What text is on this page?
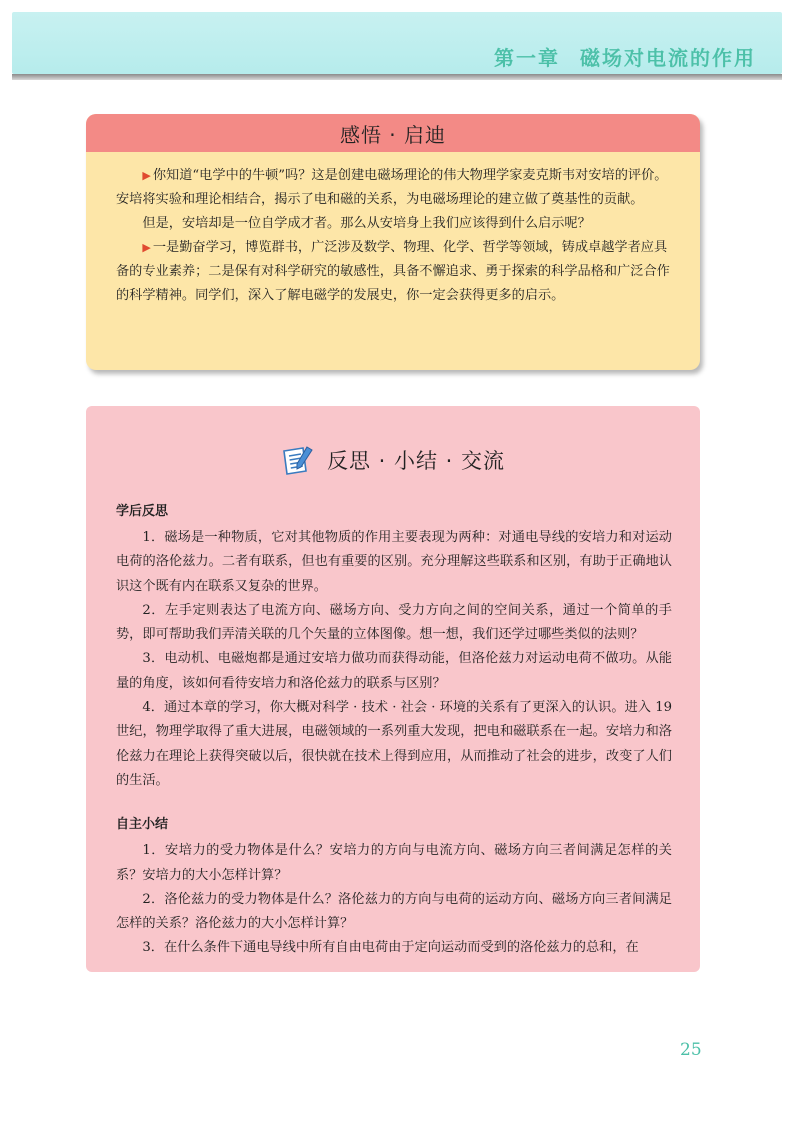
第一章 磁场对电流的作用
感悟 · 启迪

▶ 你知道“电学中的牛顿”吗？这是创建电磁场理论的伟大物理学家麦克斯韦对安培的评价。安培将实验和理论相结合，揭示了电和磁的关系，为电磁场理论的建立做了奠基性的贡献。

但是，安培却是一位自学成才者。那么从安培身上我们应该得到什么启示呢？

▶ 一是勤奋学习，博览群书，广泛涉及数学、物理、化学、哲学等领域，铸成卓越学者应具备的专业素养；二是保有对科学研究的敏感性，具备不懈追求、勇于探索的科学品格和广泛合作的科学精神。同学们，深入了解电磁学的发展史，你一定会获得更多的启示。

反思 · 小结 · 交流
学后反思

1．磁场是一种物质，它对其他物质的作用主要表现为两种：对通电导线的安培力和对运动电荷的洛伦兹力。二者有联系，但也有重要的区别。充分理解这些联系和区别，有助于正确地认识这个既有内在联系又复杂的世界。

2．左手定则表达了电流方向、磁场方向、受力方向之间的空间关系，通过一个简单的手势，即可帮助我们弄清关联的几个矢量的立体图像。想一想，我们还学过哪些类似的法则？

3．电动机、电磁炮都是通过安培力做功而获得动能，但洛伦兹力对运动电荷不做功。从能量的角度，该如何看待安培力和洛伦兹力的联系与区别？

4．通过本章的学习，你大概对科学 · 技术 · 社会 · 环境的关系有了更深入的认识。进入 19 世纪，物理学取得了重大进展，电磁领域的一系列重大发现，把电和磁联系在一起。安培力和洛伦兹力在理论上获得突破以后，很快就在技术上得到应用，从而推动了社会的进步，改变了人们的生活。

自主小结

1．安培力的受力物体是什么？安培力的方向与电流方向、磁场方向三者间满足怎样的关系？安培力的大小怎样计算？

2．洛伦兹力的受力物体是什么？洛伦兹力的方向与电荷的运动方向、磁场方向三者间满足怎样的关系？洛伦兹力的大小怎样计算？

3．在什么条件下通电导线中所有自由电荷由于定向运动而受到的洛伦兹力的总和，在

25
